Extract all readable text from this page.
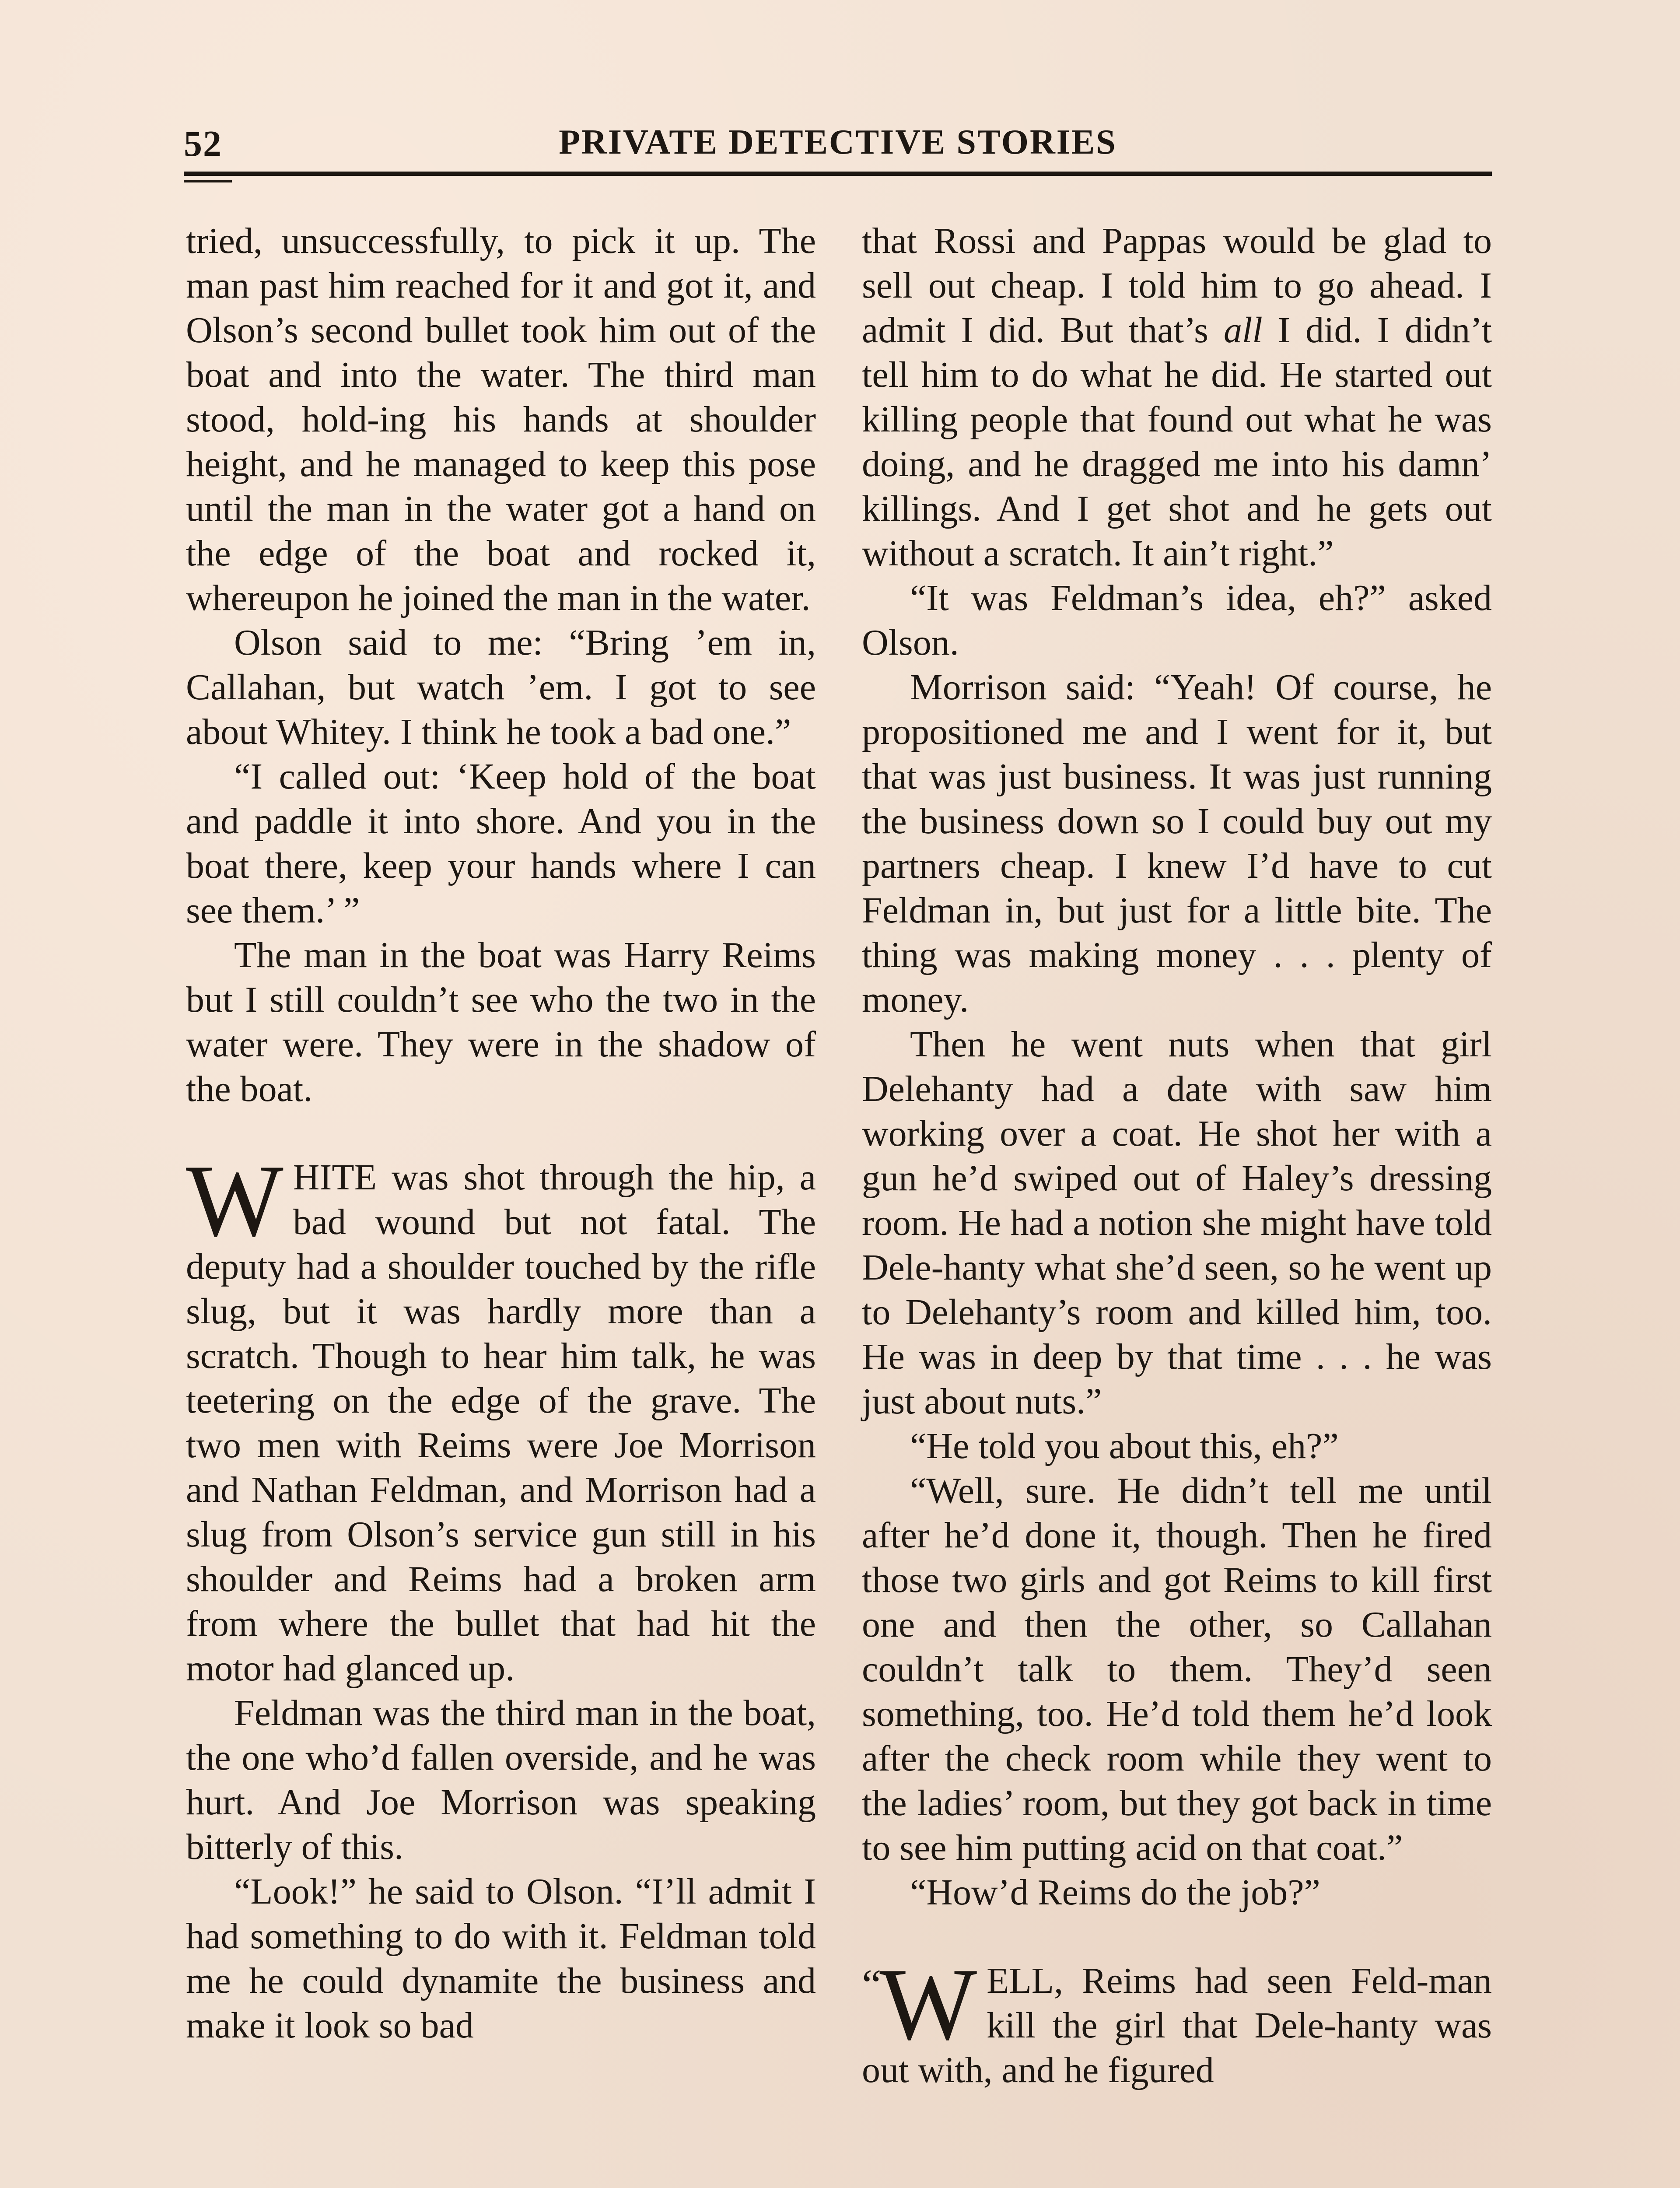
52	PRIVATE DETECTIVE STORIES

tried, unsuccessfully, to pick it up. The man past him reached for it and got it, and Olson’s second bullet took him out of the boat and into the water. The third man stood, hold-ing his hands at shoulder height, and he managed to keep this pose until the man in the water got a hand on the edge of the boat and rocked it, whereupon he joined the man in the water.

Olson said to me: “Bring ’em in, Callahan, but watch ’em. I got to see about Whitey. I think he took a bad one.”

“I called out: ‘Keep hold of the boat and paddle it into shore. And you in the boat there, keep your hands where I can see them.’ ”

The man in the boat was Harry Reims but I still couldn’t see who the two in the water were. They were in the shadow of the boat.

WHITE was shot through the hip, a bad wound but not fatal. The deputy had a shoulder touched by the rifle slug, but it was hardly more than a scratch. Though to hear him talk, he was teetering on the edge of the grave. The two men with Reims were Joe Morrison and Nathan Feldman, and Morrison had a slug from Olson’s service gun still in his shoulder and Reims had a broken arm from where the bullet that had hit the motor had glanced up.

Feldman was the third man in the boat, the one who’d fallen overside, and he was hurt. And Joe Morrison was speaking bitterly of this.

“Look!” he said to Olson. “I’ll admit I had something to do with it. Feldman told me he could dynamite the business and make it look so bad

that Rossi and Pappas would be glad to sell out cheap. I told him to go ahead. I admit I did. But that’s all I did. I didn’t tell him to do what he did. He started out killing people that found out what he was doing, and he dragged me into his damn’ killings. And I get shot and he gets out without a scratch. It ain’t right.”

“It was Feldman’s idea, eh?” asked Olson.

Morrison said: “Yeah! Of course, he propositioned me and I went for it, but that was just business. It was just running the business down so I could buy out my partners cheap. I knew I’d have to cut Feldman in, but just for a little bite. The thing was making money . . . plenty of money.

Then he went nuts when that girl Delehanty had a date with saw him working over a coat. He shot her with a gun he’d swiped out of Haley’s dressing room. He had a notion she might have told Dele-hanty what she’d seen, so he went up to Delehanty’s room and killed him, too. He was in deep by that time . . . he was just about nuts.”

“He told you about this, eh?”

“Well, sure. He didn’t tell me until after he’d done it, though. Then he fired those two girls and got Reims to kill first one and then the other, so Callahan couldn’t talk to them. They’d seen something, too. He’d told them he’d look after the check room while they went to the ladies’ room, but they got back in time to see him putting acid on that coat.”

“How’d Reims do the job?”

“
W ELL, Reims had seen Feld-man kill the girl that Dele-hanty was out with, and he figured
